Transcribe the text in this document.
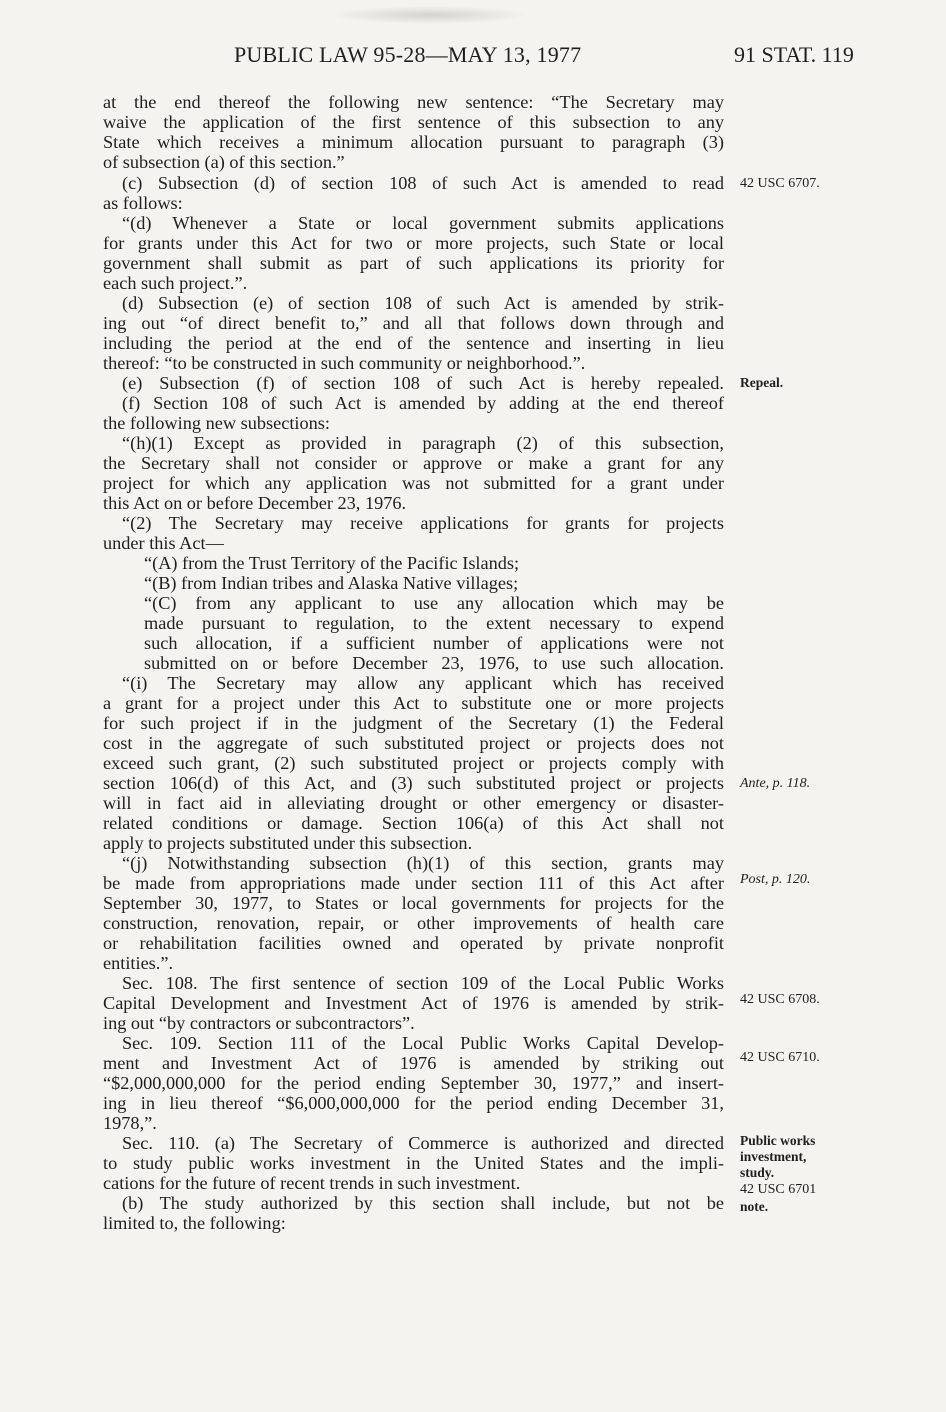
PUBLIC LAW 95-28—MAY 13, 1977	91 STAT. 119
at the end thereof the following new sentence: “The Secretary may
waive the application of the first sentence of this subsection to any
State which receives a minimum allocation pursuant to paragraph (3)
of subsection (a) of this section.”
(c) Subsection (d) of section 108 of such Act is amended to read
as follows:
“(d) Whenever a State or local government submits applications
for grants under this Act for two or more projects, such State or local
government shall submit as part of such applications its priority for
each such project.”.
(d) Subsection (e) of section 108 of such Act is amended by strik-
ing out “of direct benefit to,” and all that follows down through and
including the period at the end of the sentence and inserting in lieu
thereof: “to be constructed in such community or neighborhood.”.
(e) Subsection (f) of section 108 of such Act is hereby repealed.
(f) Section 108 of such Act is amended by adding at the end thereof
the following new subsections:
“(h)(1) Except as provided in paragraph (2) of this subsection,
the Secretary shall not consider or approve or make a grant for any
project for which any application was not submitted for a grant under
this Act on or before December 23, 1976.
“(2) The Secretary may receive applications for grants for projects
under this Act—
“(A) from the Trust Territory of the Pacific Islands;
“(B) from Indian tribes and Alaska Native villages;
“(C) from any applicant to use any allocation which may be
made pursuant to regulation, to the extent necessary to expend
such allocation, if a sufficient number of applications were not
submitted on or before December 23, 1976, to use such allocation.
“(i) The Secretary may allow any applicant which has received
a grant for a project under this Act to substitute one or more projects
for such project if in the judgment of the Secretary (1) the Federal
cost in the aggregate of such substituted project or projects does not
exceed such grant, (2) such substituted project or projects comply with
section 106(d) of this Act, and (3) such substituted project or projects
will in fact aid in alleviating drought or other emergency or disaster-
related conditions or damage. Section 106(a) of this Act shall not
apply to projects substituted under this subsection.
“(j) Notwithstanding subsection (h)(1) of this section, grants may
be made from appropriations made under section 111 of this Act after
September 30, 1977, to States or local governments for projects for the
construction, renovation, repair, or other improvements of health care
or rehabilitation facilities owned and operated by private nonprofit
entities.”.
Sec. 108. The first sentence of section 109 of the Local Public Works
Capital Development and Investment Act of 1976 is amended by strik-
ing out “by contractors or subcontractors”.
Sec. 109. Section 111 of the Local Public Works Capital Develop-
ment and Investment Act of 1976 is amended by striking out
“$2,000,000,000 for the period ending September 30, 1977,” and insert-
ing in lieu thereof “$6,000,000,000 for the period ending December 31,
1978,”.
Sec. 110. (a) The Secretary of Commerce is authorized and directed
to study public works investment in the United States and the impli-
cations for the future of recent trends in such investment.
(b) The study authorized by this section shall include, but not be
limited to, the following:
42 USC 6707.
Repeal.
Ante, p. 118.
Post, p. 120.
42 USC 6708.
42 USC 6710.
Public works
investment,
study.
42 USC 6701
note.
